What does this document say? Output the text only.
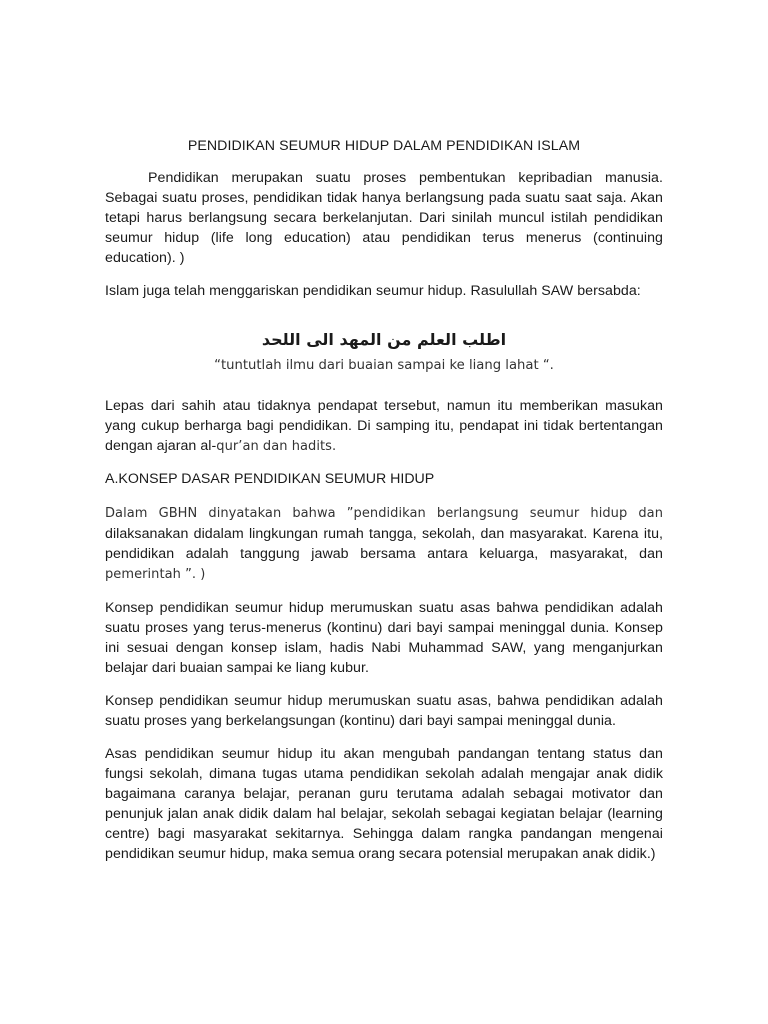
PENDIDIKAN SEUMUR HIDUP DALAM PENDIDIKAN ISLAM

Pendidikan merupakan suatu proses pembentukan kepribadian manusia. Sebagai suatu proses, pendidikan tidak hanya berlangsung pada suatu saat saja. Akan tetapi harus berlangsung secara berkelanjutan. Dari sinilah muncul istilah pendidikan seumur hidup (life long education) atau pendidikan terus menerus (continuing education). )

Islam juga telah menggariskan pendidikan seumur hidup. Rasulullah SAW bersabda:

اطلب العلم من المهد الى اللحد
“tuntutlah ilmu dari buaian sampai ke liang lahat “.

Lepas dari sahih atau tidaknya pendapat tersebut, namun itu memberikan masukan yang cukup berharga bagi pendidikan. Di samping itu, pendapat ini tidak bertentangan dengan ajaran al-qur’an dan hadits.

A.KONSEP DASAR PENDIDIKAN SEUMUR HIDUP

Dalam GBHN dinyatakan bahwa ”pendidikan berlangsung seumur hidup dan dilaksanakan didalam lingkungan rumah tangga, sekolah, dan masyarakat. Karena itu, pendidikan adalah tanggung jawab bersama antara keluarga, masyarakat, dan pemerintah ”. )

Konsep pendidikan seumur hidup merumuskan suatu asas bahwa pendidikan adalah suatu proses yang terus-menerus (kontinu) dari bayi sampai meninggal dunia. Konsep ini sesuai dengan konsep islam, hadis Nabi Muhammad SAW, yang menganjurkan belajar dari buaian sampai ke liang kubur.

Konsep pendidikan seumur hidup merumuskan suatu asas, bahwa pendidikan adalah suatu proses yang berkelangsungan (kontinu) dari bayi sampai meninggal dunia.

Asas pendidikan seumur hidup itu akan mengubah pandangan tentang status dan fungsi sekolah, dimana tugas utama pendidikan sekolah adalah mengajar anak didik bagaimana caranya belajar, peranan guru terutama adalah sebagai motivator dan penunjuk jalan anak didik dalam hal belajar, sekolah sebagai kegiatan belajar (learning centre) bagi masyarakat sekitarnya. Sehingga dalam rangka pandangan mengenai pendidikan seumur hidup, maka semua orang secara potensial merupakan anak didik.)
